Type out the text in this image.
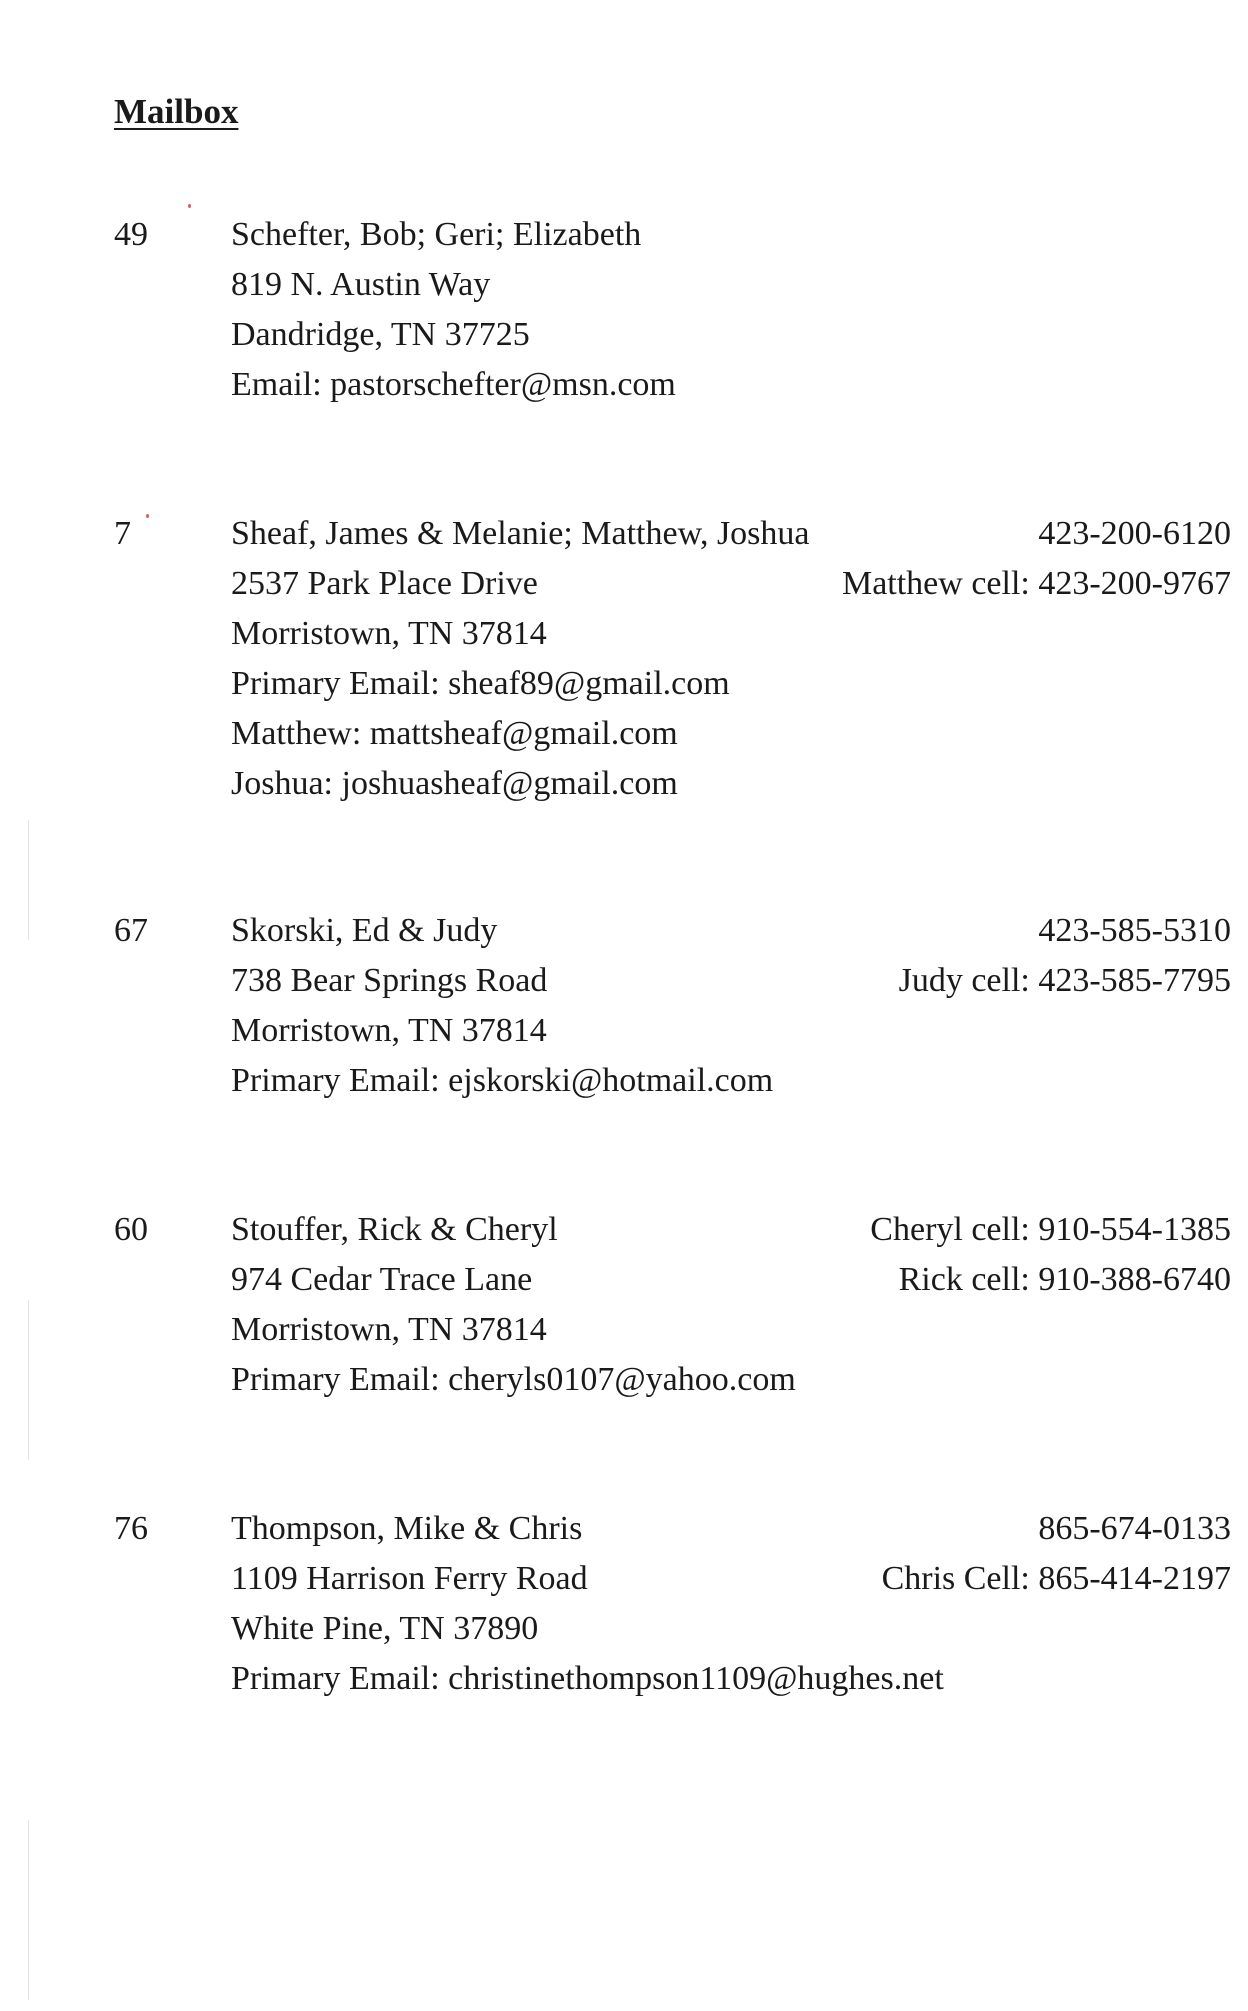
Mailbox
49 Schefter, Bob; Geri; Elizabeth
819 N. Austin Way
Dandridge, TN 37725
Email: pastorschefter@msn.com
7	Sheaf, James & Melanie; Matthew, Joshua	423-200-6120
2537 Park Place Drive	Matthew cell: 423-200-9767
Morristown, TN 37814
Primary Email: sheaf89@gmail.com
Matthew: mattsheaf@gmail.com
Joshua: joshuasheaf@gmail.com
67 Skorski, Ed & Judy	423-585-5310
738 Bear Springs Road	Judy cell: 423-585-7795
Morristown, TN 37814
Primary Email: ejskorski@hotmail.com
60 Stouffer, Rick & Cheryl	Cheryl cell: 910-554-1385
974 Cedar Trace Lane	Rick cell: 910-388-6740
Morristown, TN 37814
Primary Email: cheryls0107@yahoo.com
76 Thompson, Mike & Chris	865-674-0133
1109 Harrison Ferry Road	Chris Cell: 865-414-2197
White Pine, TN 37890
Primary Email: christinethompson1109@hughes.net
